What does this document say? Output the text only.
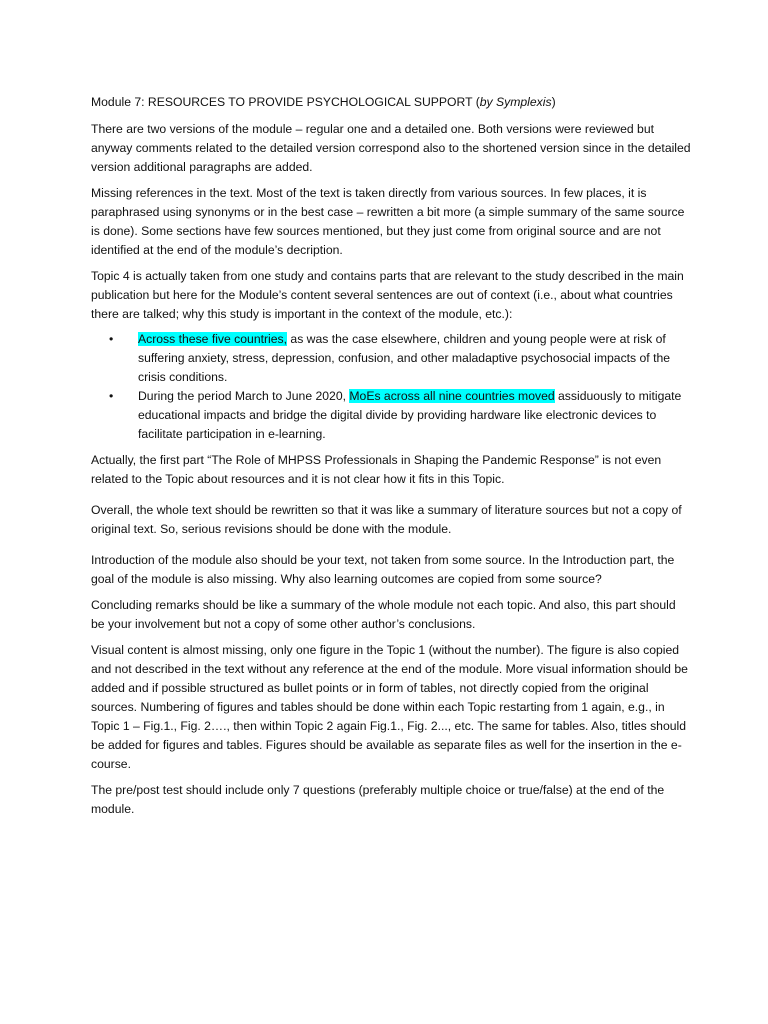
Module 7: RESOURCES TO PROVIDE PSYCHOLOGICAL SUPPORT (by Symplexis)

There are two versions of the module – regular one and a detailed one. Both versions were reviewed but anyway comments related to the detailed version correspond also to the shortened version since in the detailed version additional paragraphs are added.

Missing references in the text. Most of the text is taken directly from various sources. In few places, it is paraphrased using synonyms or in the best case – rewritten a bit more (a simple summary of the same source is done). Some sections have few sources mentioned, but they just come from original source and are not identified at the end of the module’s decription.

Topic 4 is actually taken from one study and contains parts that are relevant to the study described in the main publication but here for the Module’s content several sentences are out of context (i.e., about what countries there are talked; why this study is important in the context of the module, etc.):

• Across these five countries, as was the case elsewhere, children and young people were at risk of suffering anxiety, stress, depression, confusion, and other maladaptive psychosocial impacts of the crisis conditions.
• During the period March to June 2020, MoEs across all nine countries moved assiduously to mitigate educational impacts and bridge the digital divide by providing hardware like electronic devices to facilitate participation in e-learning.

Actually, the first part “The Role of MHPSS Professionals in Shaping the Pandemic Response” is not even related to the Topic about resources and it is not clear how it fits in this Topic.

Overall, the whole text should be rewritten so that it was like a summary of literature sources but not a copy of original text. So, serious revisions should be done with the module.

Introduction of the module also should be your text, not taken from some source. In the Introduction part, the goal of the module is also missing. Why also learning outcomes are copied from some source?

Concluding remarks should be like a summary of the whole module not each topic. And also, this part should be your involvement but not a copy of some other author’s conclusions.

Visual content is almost missing, only one figure in the Topic 1 (without the number). The figure is also copied and not described in the text without any reference at the end of the module. More visual information should be added and if possible structured as bullet points or in form of tables, not directly copied from the original sources. Numbering of figures and tables should be done within each Topic restarting from 1 again, e.g., in Topic 1 – Fig.1., Fig. 2…., then within Topic 2 again Fig.1., Fig. 2..., etc. The same for tables. Also, titles should be added for figures and tables. Figures should be available as separate files as well for the insertion in the e-course.

The pre/post test should include only 7 questions (preferably multiple choice or true/false) at the end of the module.
